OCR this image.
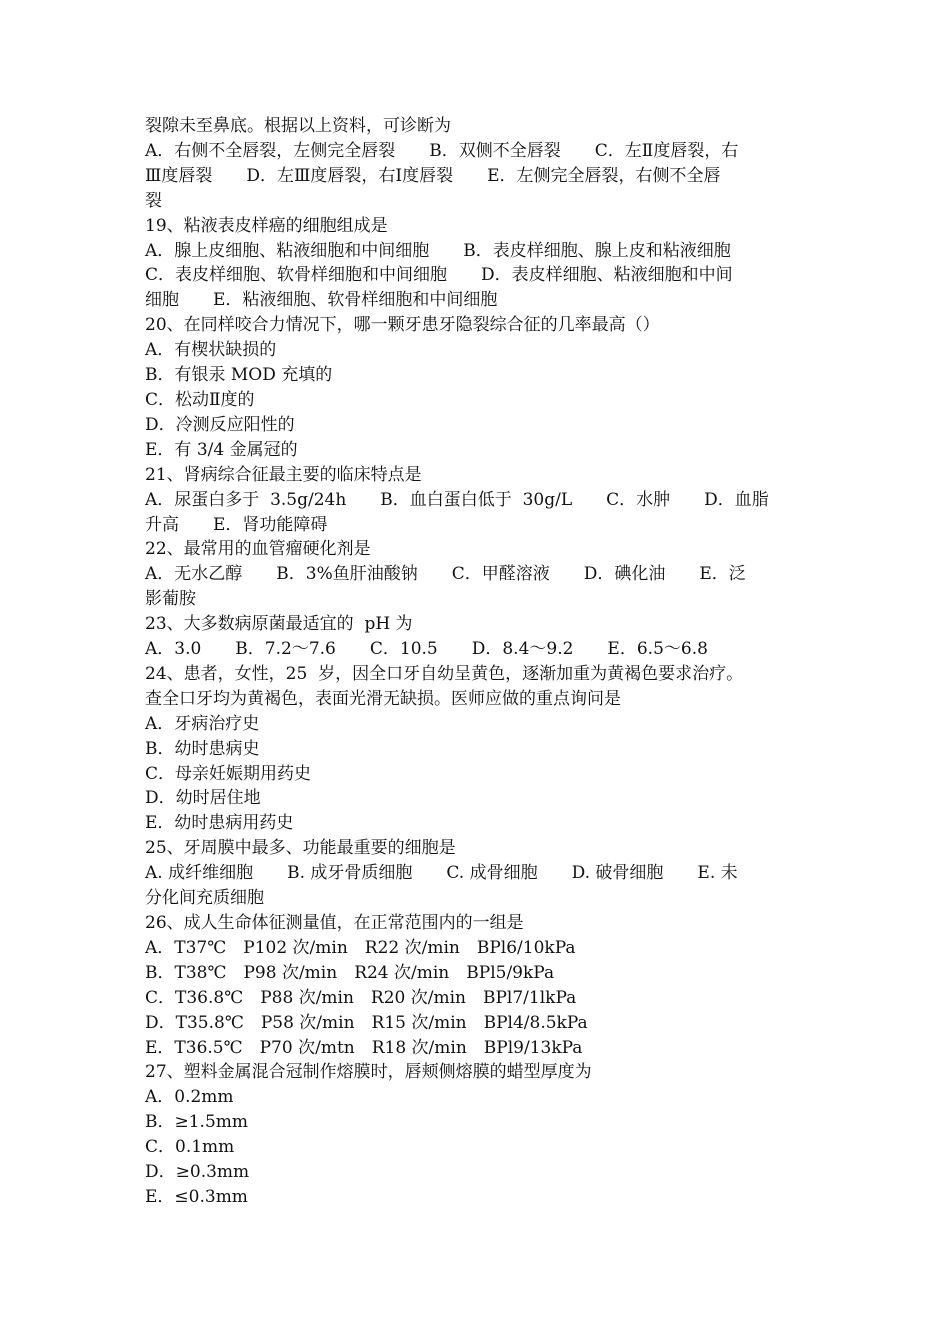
裂隙未至鼻底。根据以上资料，可诊断为
A．右侧不全唇裂，左侧完全唇裂　　B．双侧不全唇裂　　C．左Ⅱ度唇裂，右
Ⅲ度唇裂　　D．左Ⅲ度唇裂，右Ⅰ度唇裂　　E．左侧完全唇裂，右侧不全唇
裂
19、粘液表皮样癌的细胞组成是
A．腺上皮细胞、粘液细胞和中间细胞　　B．表皮样细胞、腺上皮和粘液细胞
C．表皮样细胞、软骨样细胞和中间细胞　　D．表皮样细胞、粘液细胞和中间
细胞　　E．粘液细胞、软骨样细胞和中间细胞
20、在同样咬合力情况下，哪一颗牙患牙隐裂综合征的几率最高（）
A．有楔状缺损的
B．有银汞 MOD 充填的
C．松动Ⅱ度的
D．冷测反应阳性的
E．有 3/4 金属冠的
21、肾病综合征最主要的临床特点是
A．尿蛋白多于  3.5g/24h　　B．血白蛋白低于  30g/L　　C．水肿　　D．血脂
升高　　E．肾功能障碍
22、最常用的血管瘤硬化剂是
A．无水乙醇　　B．3%鱼肝油酸钠　　C．甲醛溶液　　D．碘化油　　E．泛
影葡胺
23、大多数病原菌最适宜的  pH 为
A．3.0　　B．7.2～7.6　　C．10.5　　D．8.4～9.2　　E．6.5～6.8
24、患者，女性，25  岁，因全口牙自幼呈黄色，逐渐加重为黄褐色要求治疗。
查全口牙均为黄褐色，表面光滑无缺损。医师应做的重点询问是
A．牙病治疗史
B．幼时患病史
C．母亲妊娠期用药史
D．幼时居住地
E．幼时患病用药史
25、牙周膜中最多、功能最重要的细胞是
A. 成纤维细胞　　B. 成牙骨质细胞　　C. 成骨细胞　　D. 破骨细胞　　E. 未
分化间充质细胞
26、成人生命体征测量值，在正常范围内的一组是
A．T37℃　P102 次/min　R22 次/min　BPl6/10kPa
B．T38℃　P98 次/min　R24 次/min　BPl5/9kPa
C．T36.8℃　P88 次/min　R20 次/min　BPl7/1lkPa
D．T35.8℃　P58 次/min　R15 次/min　BPl4/8.5kPa
E．T36.5℃　P70 次/mtn　R18 次/min　BPl9/13kPa
27、塑料金属混合冠制作熔膜时，唇颊侧熔膜的蜡型厚度为
A．0.2mm
B．≥1.5mm
C．0.1mm
D．≥0.3mm
E．≤0.3mm
